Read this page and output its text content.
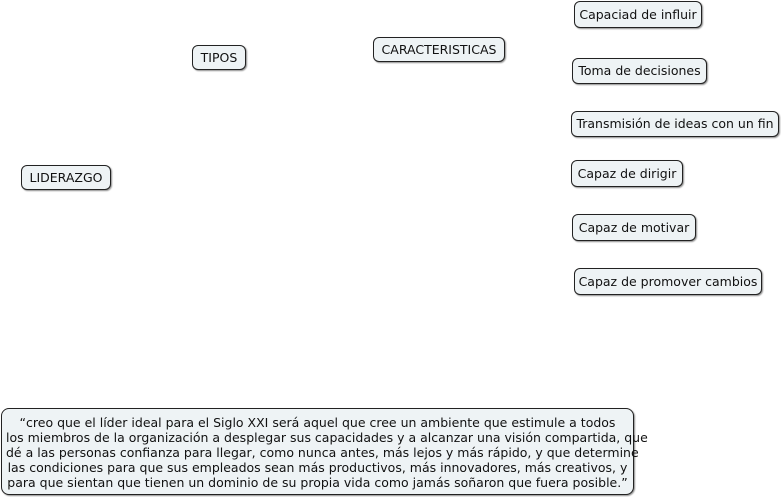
LIDERAZGO
TIPOS
CARACTERISTICAS
Capaciad de influir
Toma de decisiones
Transmisión de ideas con un fin
Capaz de dirigir
Capaz de motivar
Capaz de promover cambios
“creo que el líder ideal para el Siglo XXI será aquel que cree un ambiente que estimule a todos
los miembros de la organización a desplegar sus capacidades y a alcanzar una visión compartida, que
dé a las personas confianza para llegar, como nunca antes, más lejos y más rápido, y que determine
las condiciones para que sus empleados sean más productivos, más innovadores, más creativos, y
para que sientan que tienen un dominio de su propia vida como jamás soñaron que fuera posible.”
